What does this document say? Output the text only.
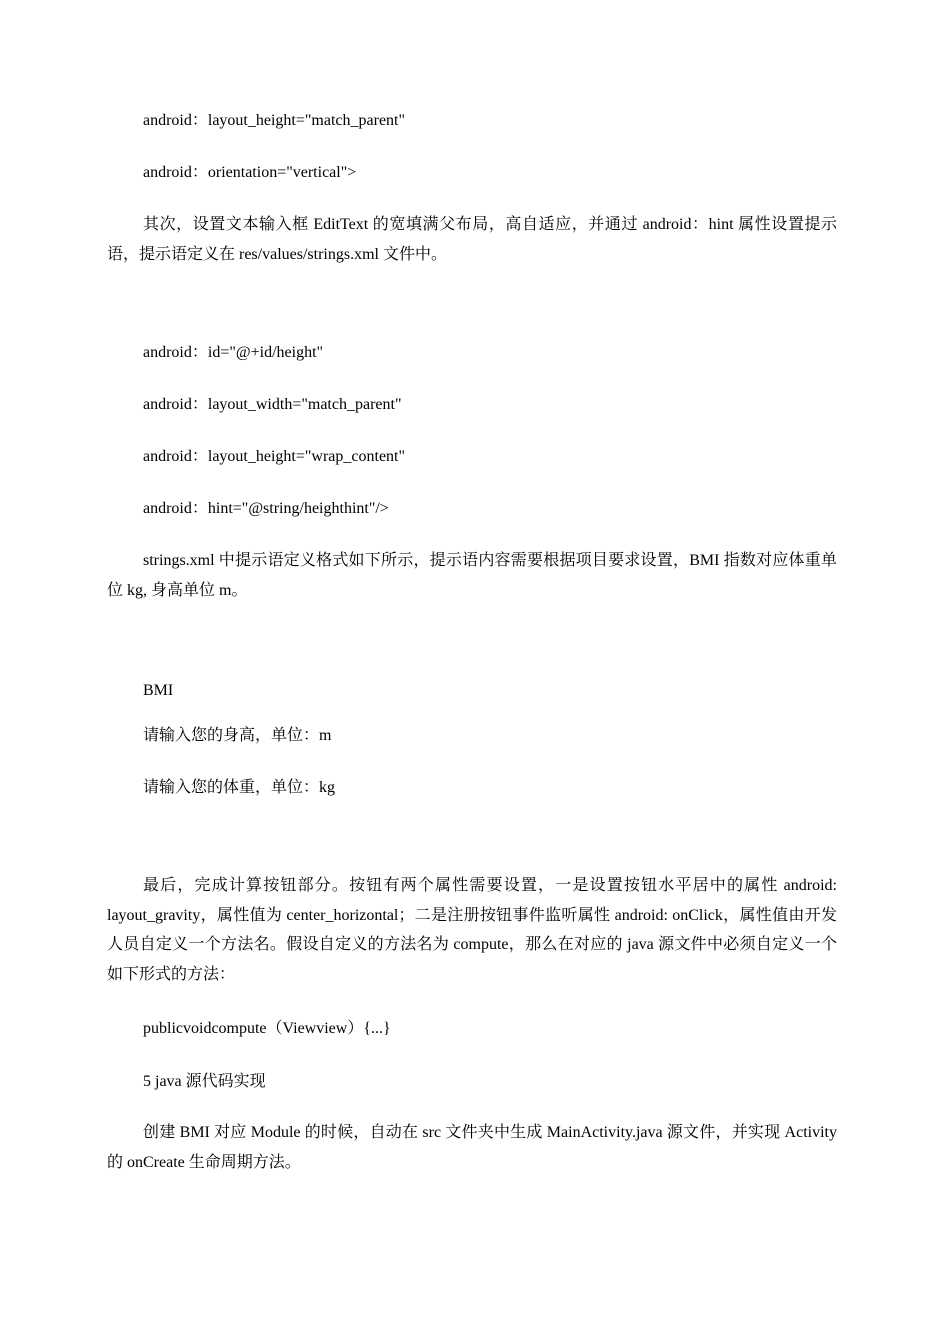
android：layout_height="match_parent"
android：orientation="vertical">
其次，设置文本输入框 EditText 的宽填满父布局，高自适应，并通过 android：hint 属性设置提示语，提示语定义在 res/values/strings.xml 文件中。
android：id="@+id/height"
android：layout_width="match_parent"
android：layout_height="wrap_content"
android：hint="@string/heighthint"/>
strings.xml 中提示语定义格式如下所示，提示语内容需要根据项目要求设置，BMI 指数对应体重单位 kg, 身高单位 m。
BMI
请输入您的身高，单位：m
请输入您的体重，单位：kg
最后，完成计算按钮部分。按钮有两个属性需要设置，一是设置按钮水平居中的属性 android: layout_gravity，属性值为 center_horizontal；二是注册按钮事件监听属性 android: onClick，属性值由开发人员自定义一个方法名。假设自定义的方法名为 compute，那么在对应的 java 源文件中必须自定义一个如下形式的方法：
publicvoidcompute（Viewview）{...}
5 java 源代码实现
创建 BMI 对应 Module 的时候，自动在 src 文件夹中生成 MainActivity.java 源文件，并实现 Activity 的 onCreate 生命周期方法。
